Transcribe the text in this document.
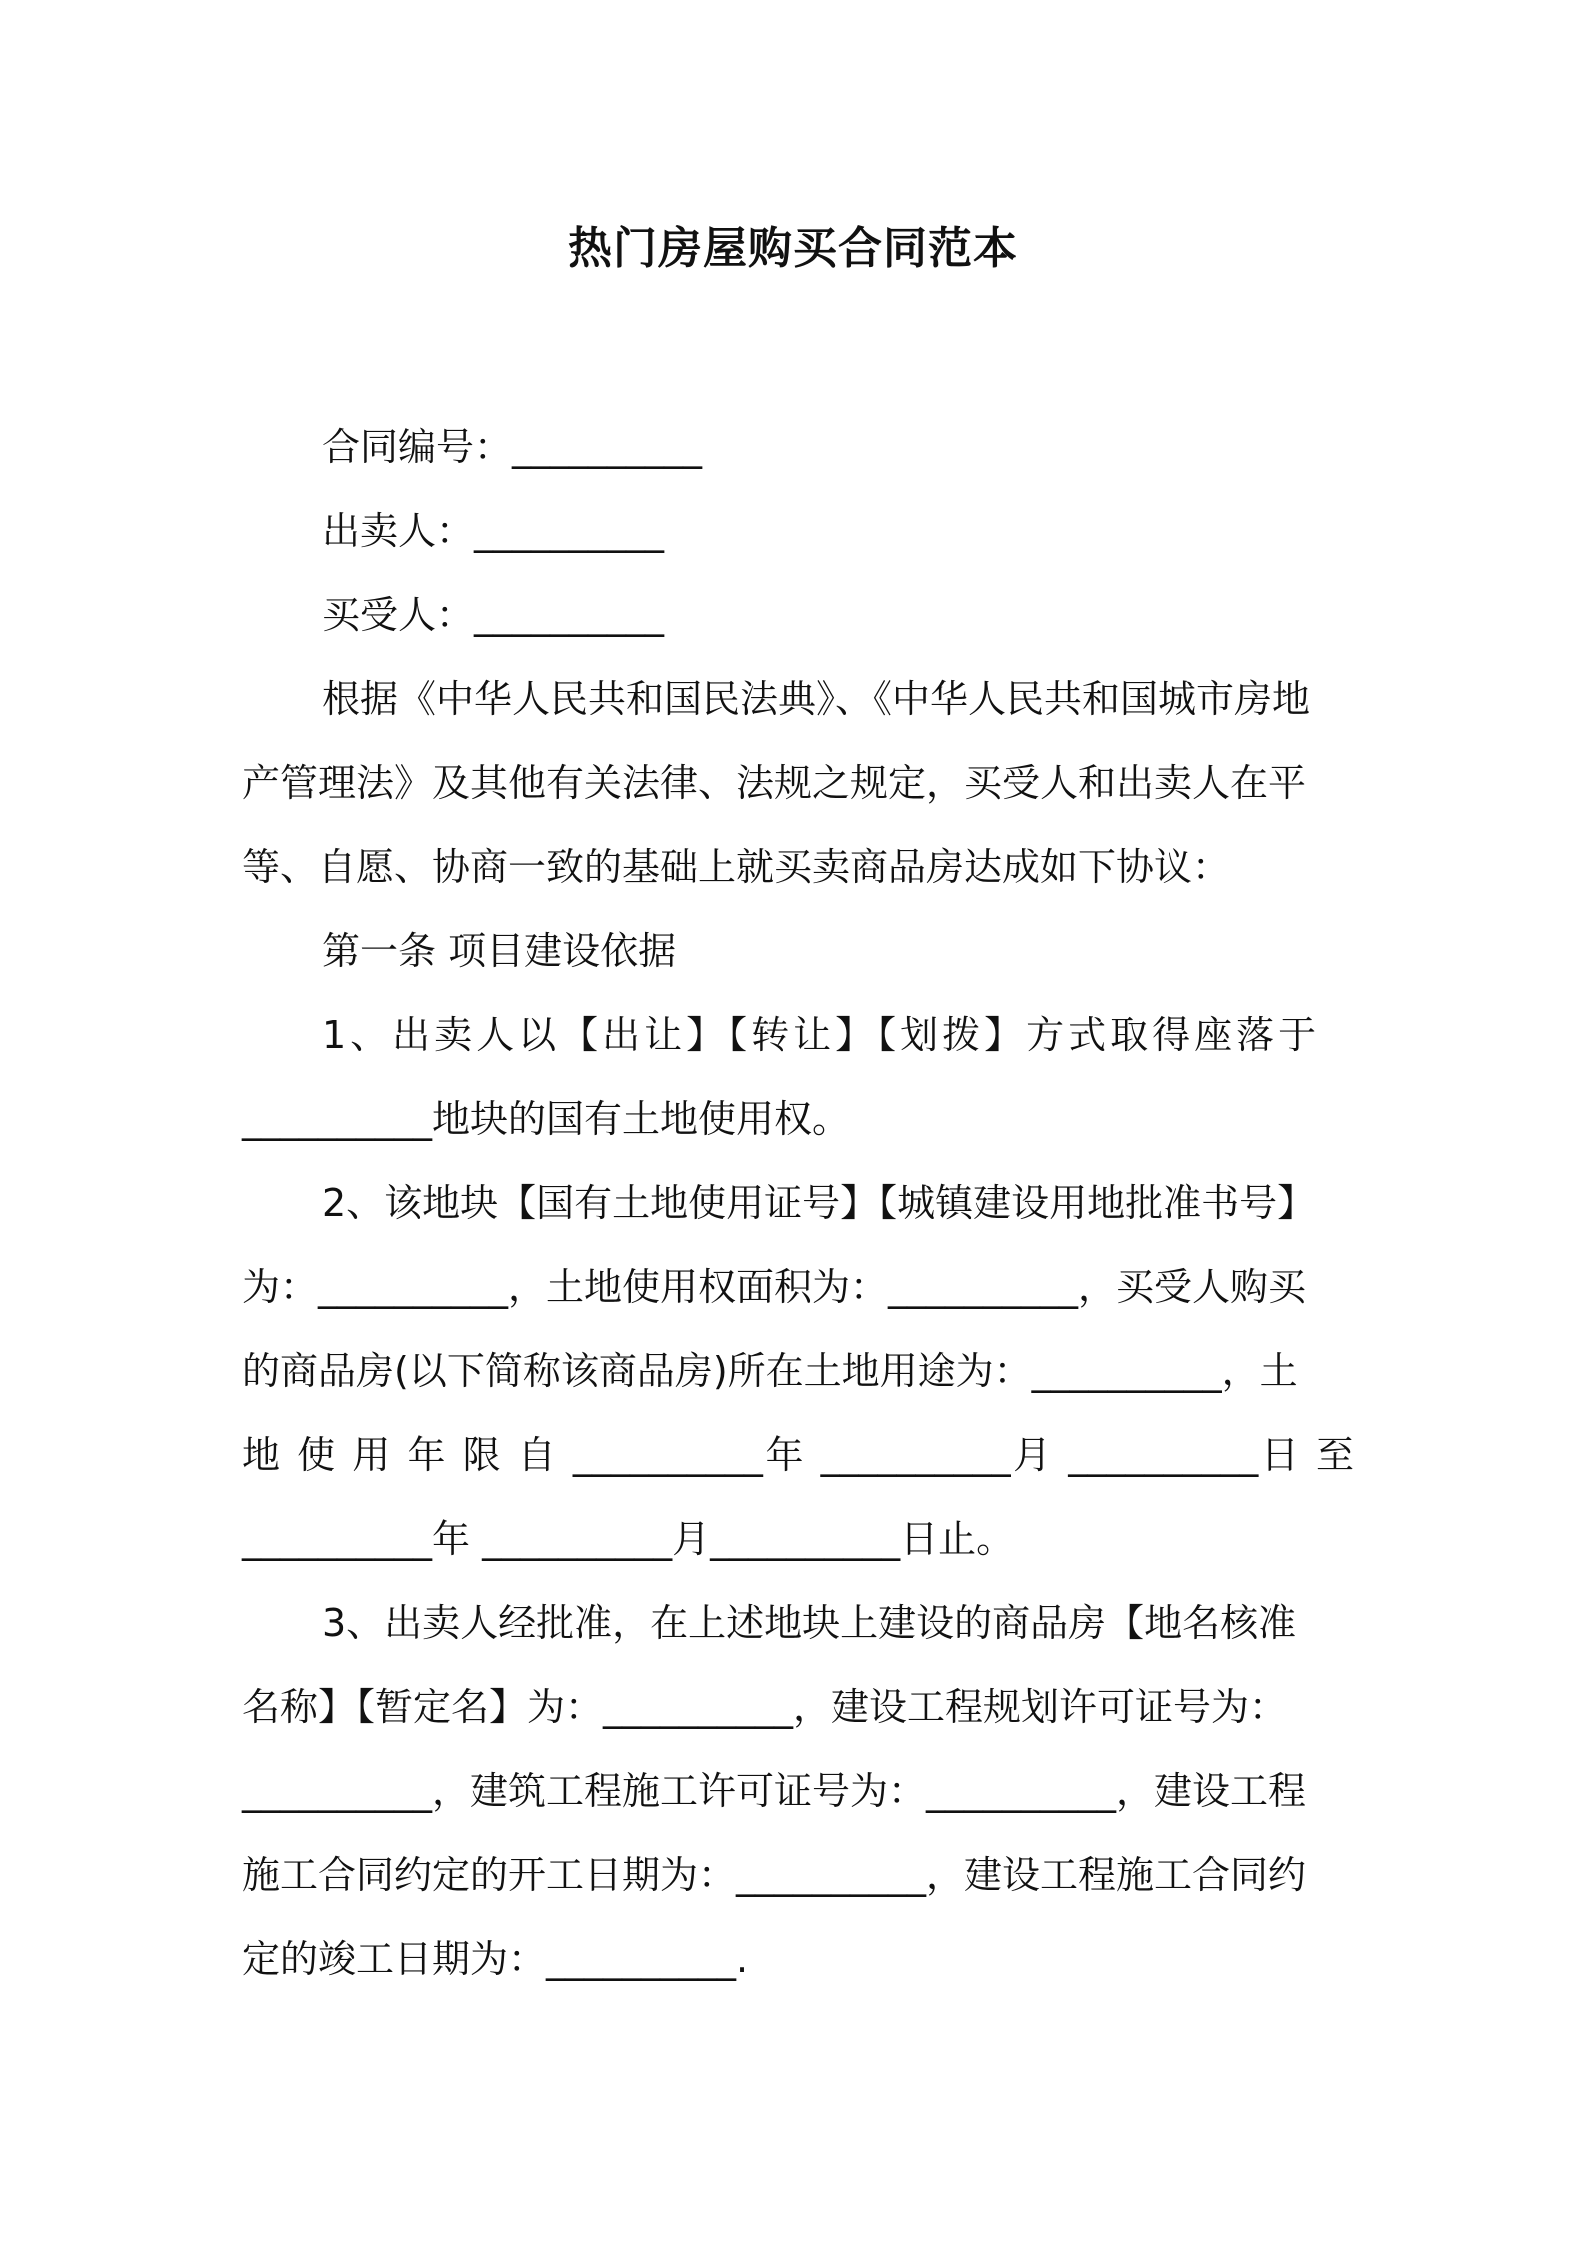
热门房屋购买合同范本
合同编号：__________
出卖人：__________
买受人：__________
根据《中华人民共和国民法典》、《中华人民共和国城市房地
产管理法》及其他有关法律、法规之规定，买受人和出卖人在平
等、自愿、协商一致的基础上就买卖商品房达成如下协议：
第一条 项目建设依据
1、出卖人以【出让】【转让】【划拨】方式取得座落于
__________地块的国有土地使用权。
2、该地块【国有土地使用证号】【城镇建设用地批准书号】
为：__________，土地使用权面积为：__________，买受人购买
的商品房(以下简称该商品房)所在土地用途为：__________，土
地 使 用 年 限 自 __________年 __________月 __________日 至
__________年 __________月__________日止。
3、出卖人经批准，在上述地块上建设的商品房【地名核准
名称】【暂定名】为：__________，建设工程规划许可证号为：
__________，建筑工程施工许可证号为：__________，建设工程
施工合同约定的开工日期为：__________，建设工程施工合同约
定的竣工日期为：__________.
